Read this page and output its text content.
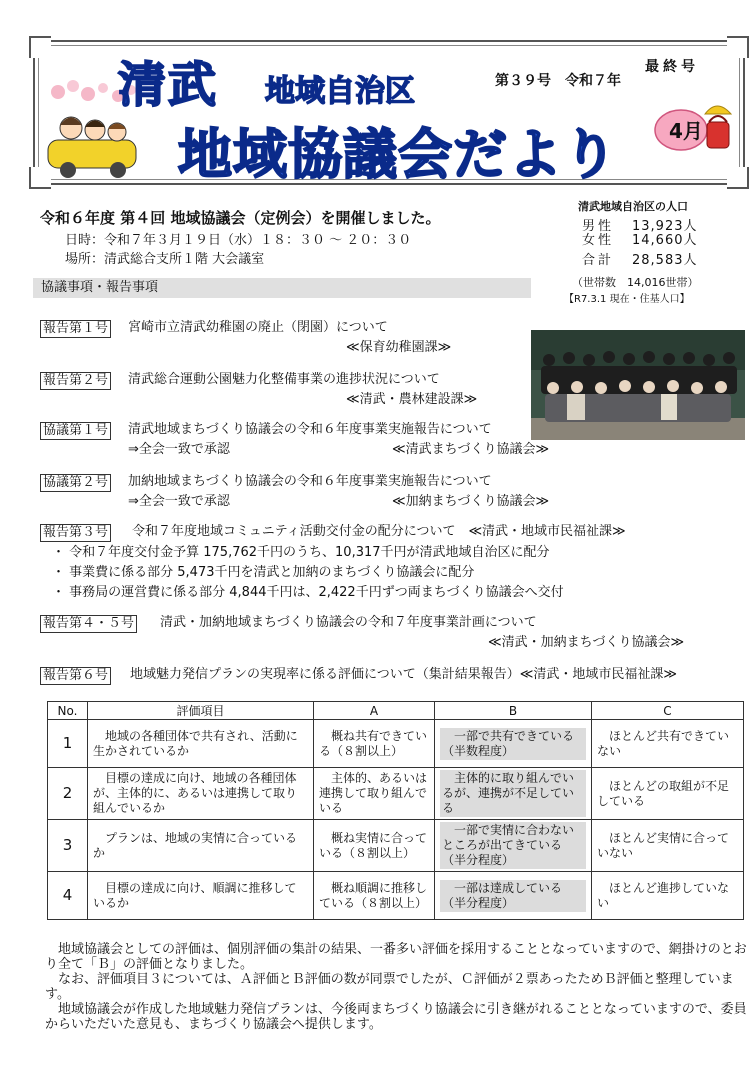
清武 地域自治区
地域協議会だより
第３９号　令和７年
最終号
4月
令和６年度 第４回 地域協議会（定例会）を開催しました。
日時：令和７年３月１９日（水）１８：３０ ～ ２０：３０
場所：清武総合支所１階 大会議室
清武地域自治区の人口
男性	13,923人
女性	14,660人
合計	28,583人
（世帯数　14,016世帯）
【R7.3.1 現在・住基人口】
協議事項・報告事項
報告第１号 宮崎市立清武幼稚園の廃止（閉園）について
≪保育幼稚園課≫
報告第２号 清武総合運動公園魅力化整備事業の進捗状況について
≪清武・農林建設課≫
協議第１号 清武地域まちづくり協議会の令和６年度事業実施報告について
⇒全会一致で承認	≪清武まちづくり協議会≫
協議第２号 加納地域まちづくり協議会の令和６年度事業実施報告について
⇒全会一致で承認	≪加納まちづくり協議会≫
報告第３号 令和７年度地域コミュニティ活動交付金の配分について　≪清武・地域市民福祉課≫
・ 令和７年度交付金予算 175,762千円のうち、10,317千円が清武地域自治区に配分
・ 事業費に係る部分 5,473千円を清武と加納のまちづくり協議会に配分
・ 事務局の運営費に係る部分 4,844千円は、2,422千円ずつ両まちづくり協議会へ交付
報告第４・５号 清武・加納地域まちづくり協議会の令和７年度事業計画について
≪清武・加納まちづくり協議会≫
報告第６号 地域魅力発信プランの実現率に係る評価について（集計結果報告）≪清武・地域市民福祉課≫
No.	評価項目	A	B	C
1	地域の各種団体で共有され、活動に生かされているか	概ね共有できている（８割以上）	一部で共有できている　　（半数程度）	ほとんど共有できていない
2	目標の達成に向け、地域の各種団体が、主体的に、あるいは連携して取り組んでいるか	主体的、あるいは連携して取り組んでいる	主体的に取り組んでいるが、連携が不足している	ほとんどの取組が不足している
3	プランは、地域の実情に合っているか	概ね実情に合っている（８割以上）	一部で実情に合わないところが出てきている　（半分程度）	ほとんど実情に合っていない
4	目標の達成に向け、順調に推移しているか	概ね順調に推移している（８割以上）	一部は達成している　　　（半分程度）	ほとんど進捗していない

地域協議会としての評価は、個別評価の集計の結果、一番多い評価を採用することとなっていますので、網掛けのとおり全て「Ｂ」の評価となりました。

なお、評価項目３については、Ａ評価とＢ評価の数が同票でしたが、Ｃ評価が２票あったためＢ評価と整理しています。

地域協議会が作成した地域魅力発信プランは、今後両まちづくり協議会に引き継がれることとなっていますので、委員からいただいた意見も、まちづくり協議会へ提供します。
